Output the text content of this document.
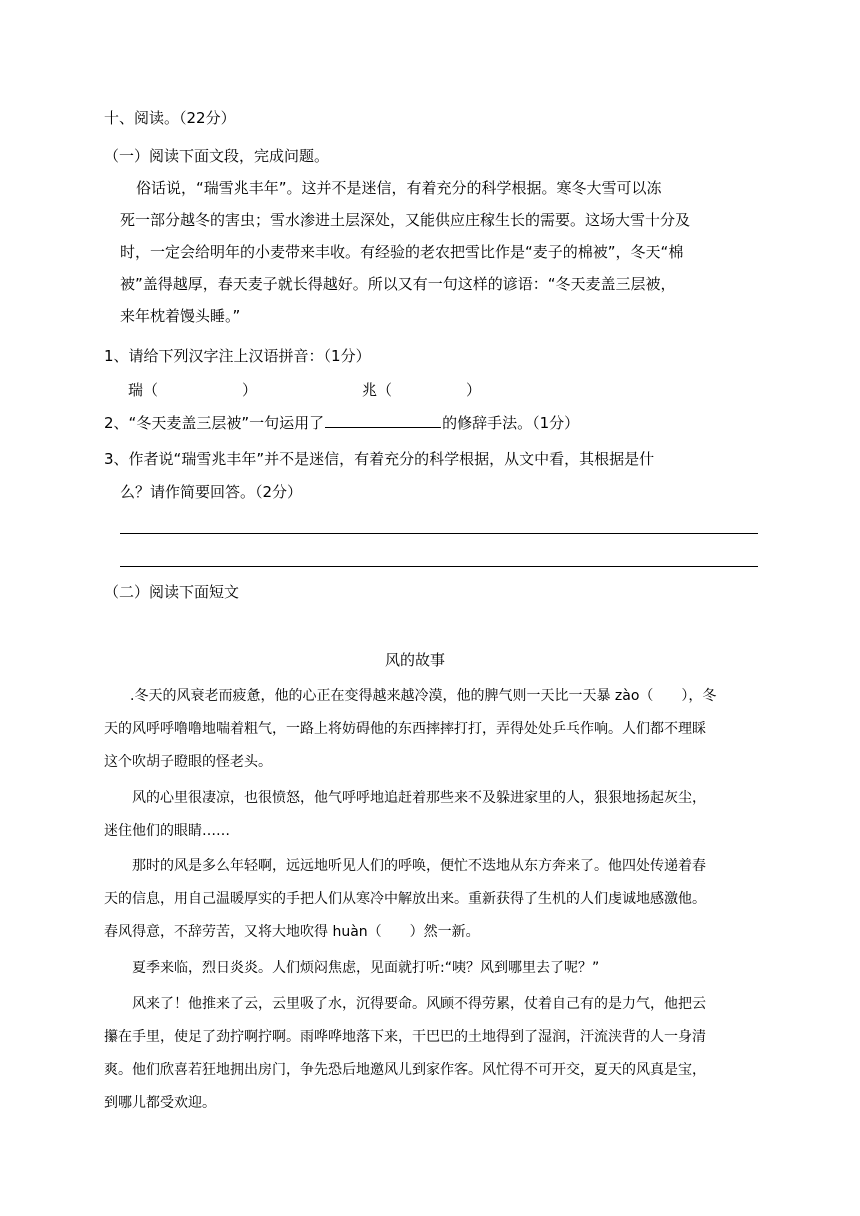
十、阅读。（22分）
（一）阅读下面文段，完成问题。
俗话说，“瑞雪兆丰年”。这并不是迷信，有着充分的科学根据。寒冬大雪可以冻
死一部分越冬的害虫；雪水渗进土层深处，又能供应庄稼生长的需要。这场大雪十分及
时，一定会给明年的小麦带来丰收。有经验的老农把雪比作是“麦子的棉被”，冬天“棉
被”盖得越厚，春天麦子就长得越好。所以又有一句这样的谚语：“冬天麦盖三层被，
来年枕着馒头睡。”
1、请给下列汉字注上汉语拼音：（1分）
瑞（	）	兆（	）
2、“冬天麦盖三层被”一句运用了	的修辞手法。（1分）
3、作者说“瑞雪兆丰年”并不是迷信，有着充分的科学根据，从文中看，其根据是什
么？请作简要回答。（2分）
（二）阅读下面短文
风的故事
.冬天的风衰老而疲惫，他的心正在变得越来越冷漠，他的脾气则一天比一天暴 zào（　　），冬
天的风呼呼噜噜地喘着粗气，一路上将妨碍他的东西摔摔打打，弄得处处乒乓作响。人们都不理睬
这个吹胡子瞪眼的怪老头。
风的心里很凄凉，也很愤怒，他气呼呼地追赶着那些来不及躲进家里的人，狠狠地扬起灰尘，
迷住他们的眼睛……
那时的风是多么年轻啊，远远地听见人们的呼唤，便忙不迭地从东方奔来了。他四处传递着春
天的信息，用自己温暖厚实的手把人们从寒冷中解放出来。重新获得了生机的人们虔诚地感激他。
春风得意，不辞劳苦，又将大地吹得 huàn（　　）然一新。
夏季来临，烈日炎炎。人们烦闷焦虑，见面就打听:“咦？风到哪里去了呢？”
风来了！他推来了云，云里吸了水，沉得要命。风顾不得劳累，仗着自己有的是力气，他把云
攥在手里，使足了劲拧啊拧啊。雨哗哗地落下来，干巴巴的土地得到了湿润，汗流浃背的人一身清
爽。他们欣喜若狂地拥出房门，争先恐后地邀风儿到家作客。风忙得不可开交，夏天的风真是宝，
到哪儿都受欢迎。
